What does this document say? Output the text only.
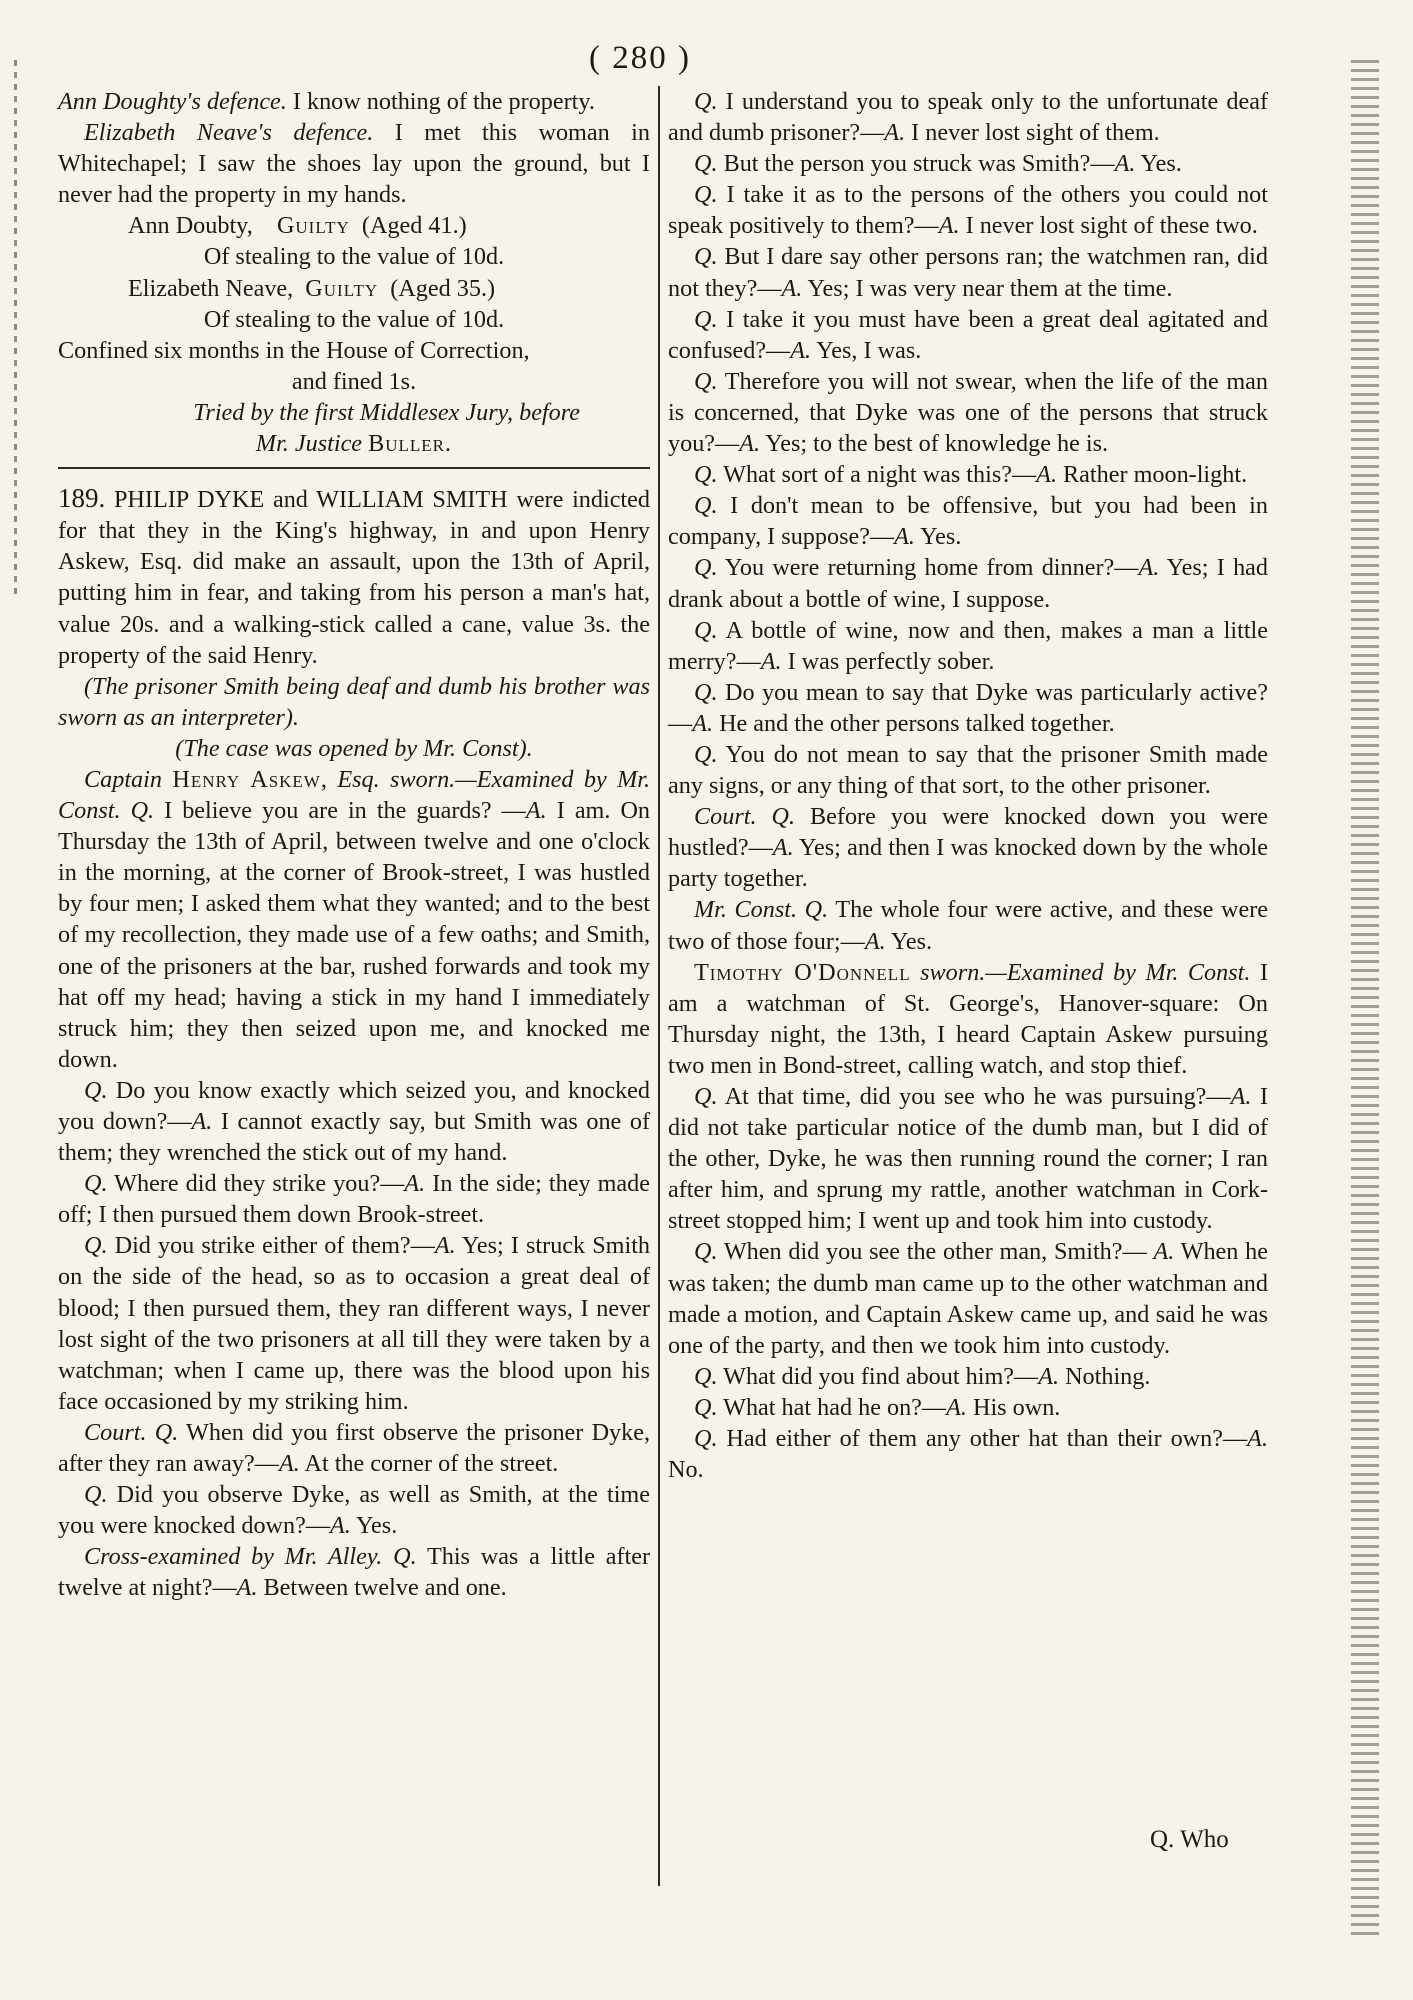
( 280 )

Ann Doughty's defence. I know nothing of the property.

Elizabeth Neave's defence. I met this woman in Whitechapel; I saw the shoes lay upon the ground, but I never had the property in my hands.

Ann Doubty,    Guilty  (Aged 41.)

Of stealing to the value of 10d.

Elizabeth Neave,  Guilty  (Aged 35.)

Of stealing to the value of 10d.

Confined six months in the House of Correction,

and fined 1s.

Tried by the first Middlesex Jury, before

Mr. Justice Buller.

189. PHILIP DYKE and WILLIAM SMITH were indicted for that they in the King's highway, in and upon Henry Askew, Esq. did make an assault, upon the 13th of April, putting him in fear, and taking from his person a man's hat, value 20s. and a walking-stick called a cane, value 3s. the property of the said Henry.

(The prisoner Smith being deaf and dumb his brother was sworn as an interpreter).

(The case was opened by Mr. Const).

Captain Henry Askew, Esq. sworn.—Examined by Mr. Const. Q. I believe you are in the guards? —A. I am. On Thursday the 13th of April, between twelve and one o'clock in the morning, at the corner of Brook-street, I was hustled by four men; I asked them what they wanted; and to the best of my recollection, they made use of a few oaths; and Smith, one of the prisoners at the bar, rushed forwards and took my hat off my head; having a stick in my hand I immediately struck him; they then seized upon me, and knocked me down.

Q. Do you know exactly which seized you, and knocked you down?—A. I cannot exactly say, but Smith was one of them; they wrenched the stick out of my hand.

Q. Where did they strike you?—A. In the side; they made off; I then pursued them down Brook-street.

Q. Did you strike either of them?—A. Yes; I struck Smith on the side of the head, so as to occasion a great deal of blood; I then pursued them, they ran different ways, I never lost sight of the two prisoners at all till they were taken by a watchman; when I came up, there was the blood upon his face occasioned by my striking him.

Court. Q. When did you first observe the prisoner Dyke, after they ran away?—A. At the corner of the street.

Q. Did you observe Dyke, as well as Smith, at the time you were knocked down?—A. Yes.

Cross-examined by Mr. Alley. Q. This was a little after twelve at night?—A. Between twelve and one.

Q. I understand you to speak only to the unfortunate deaf and dumb prisoner?—A. I never lost sight of them.

Q. But the person you struck was Smith?—A. Yes.

Q. I take it as to the persons of the others you could not speak positively to them?—A. I never lost sight of these two.

Q. But I dare say other persons ran; the watchmen ran, did not they?—A. Yes; I was very near them at the time.

Q. I take it you must have been a great deal agitated and confused?—A. Yes, I was.

Q. Therefore you will not swear, when the life of the man is concerned, that Dyke was one of the persons that struck you?—A. Yes; to the best of knowledge he is.

Q. What sort of a night was this?—A. Rather moon-light.

Q. I don't mean to be offensive, but you had been in company, I suppose?—A. Yes.

Q. You were returning home from dinner?—A. Yes; I had drank about a bottle of wine, I suppose.

Q. A bottle of wine, now and then, makes a man a little merry?—A. I was perfectly sober.

Q. Do you mean to say that Dyke was particularly active?—A. He and the other persons talked together.

Q. You do not mean to say that the prisoner Smith made any signs, or any thing of that sort, to the other prisoner.

Court. Q. Before you were knocked down you were hustled?—A. Yes; and then I was knocked down by the whole party together.

Mr. Const. Q. The whole four were active, and these were two of those four;—A. Yes.

Timothy O'Donnell sworn.—Examined by Mr. Const. I am a watchman of St. George's, Hanover-square: On Thursday night, the 13th, I heard Captain Askew pursuing two men in Bond-street, calling watch, and stop thief.

Q. At that time, did you see who he was pursuing?—A. I did not take particular notice of the dumb man, but I did of the other, Dyke, he was then running round the corner; I ran after him, and sprung my rattle, another watchman in Cork-street stopped him; I went up and took him into custody.

Q. When did you see the other man, Smith?— A. When he was taken; the dumb man came up to the other watchman and made a motion, and Captain Askew came up, and said he was one of the party, and then we took him into custody.

Q. What did you find about him?—A. Nothing.

Q. What hat had he on?—A. His own.

Q. Had either of them any other hat than their own?—A. No.

Q. Who
